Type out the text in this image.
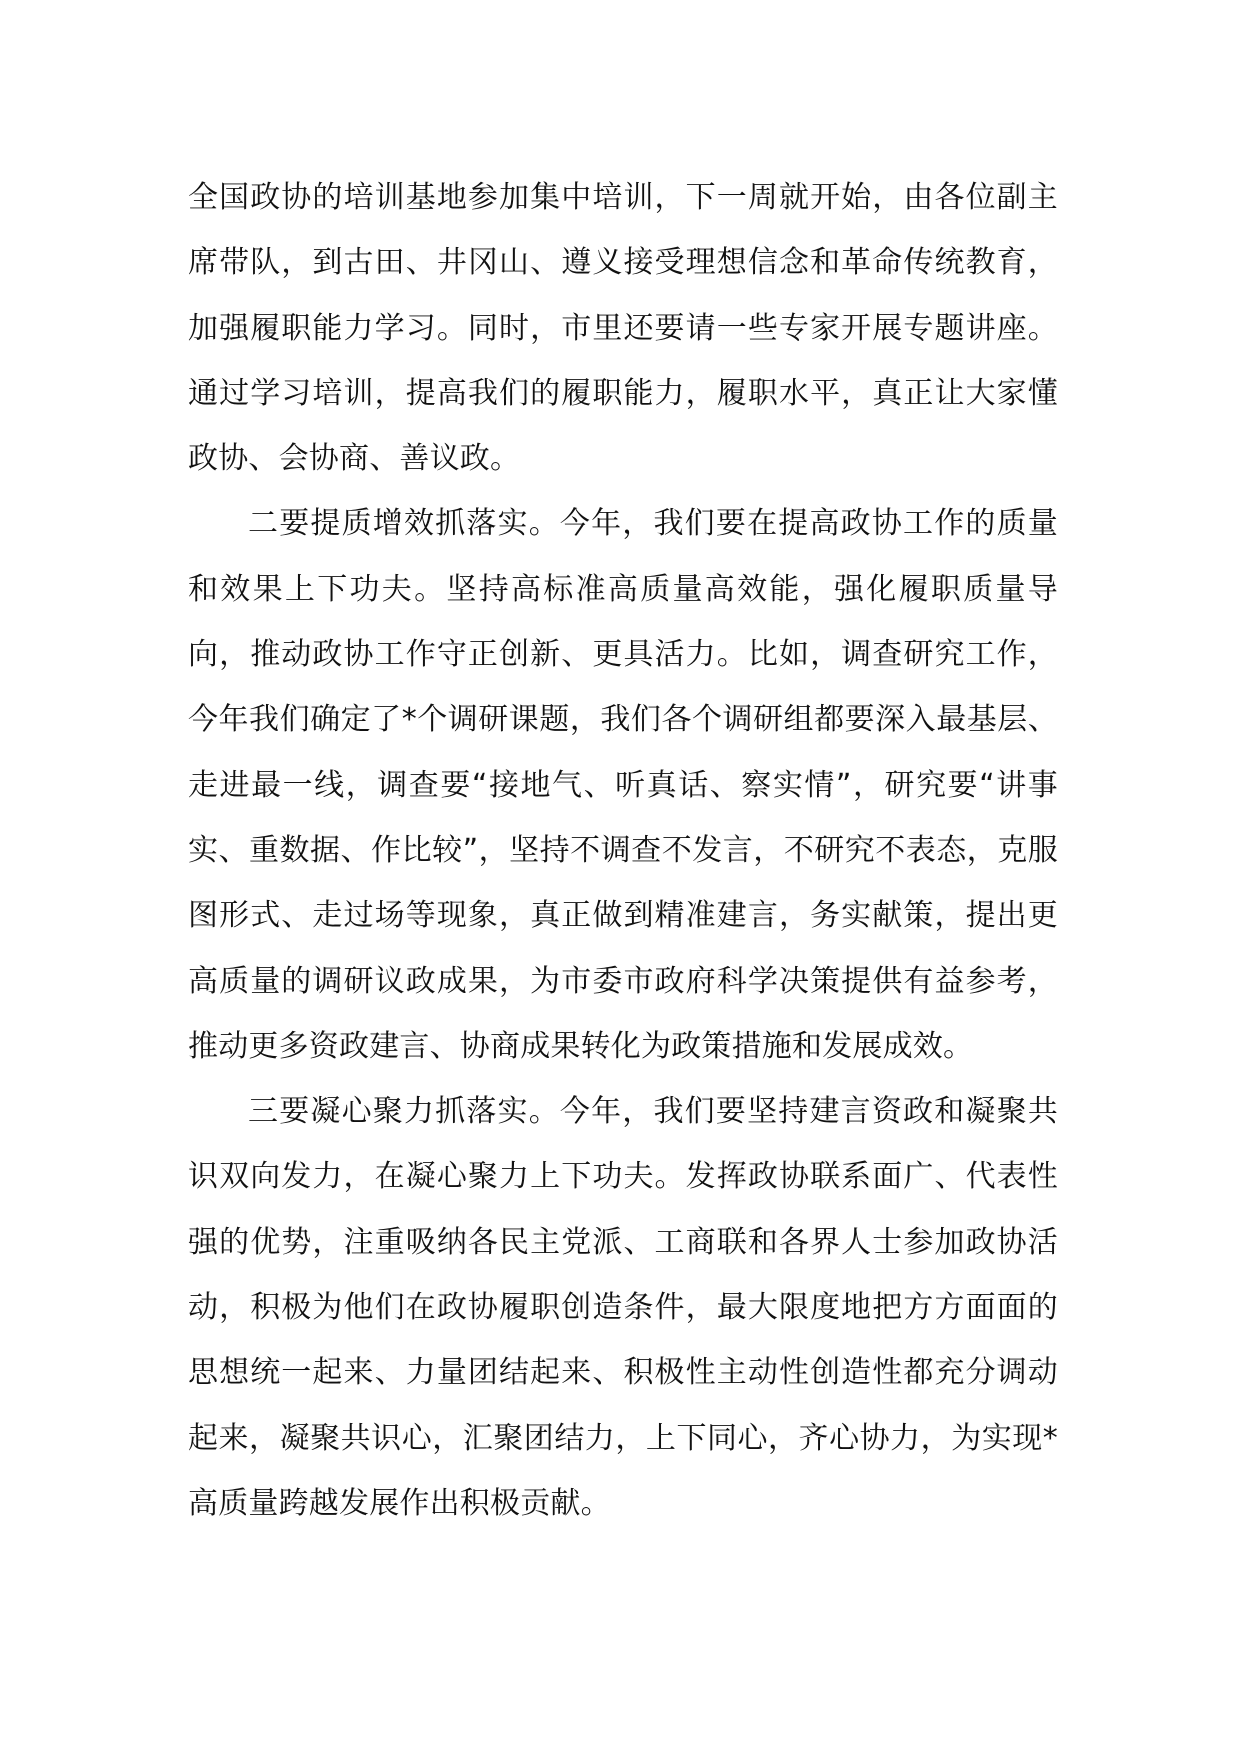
全国政协的培训基地参加集中培训，下一周就开始，由各位副主席带队，到古田、井冈山、遵义接受理想信念和革命传统教育，加强履职能力学习。同时，市里还要请一些专家开展专题讲座。通过学习培训，提高我们的履职能力，履职水平，真正让大家懂政协、会协商、善议政。

二要提质增效抓落实。今年，我们要在提高政协工作的质量和效果上下功夫。坚持高标准高质量高效能，强化履职质量导向，推动政协工作守正创新、更具活力。比如，调查研究工作，今年我们确定了*个调研课题，我们各个调研组都要深入最基层、走进最一线，调查要“接地气、听真话、察实情”，研究要“讲事实、重数据、作比较”，坚持不调查不发言，不研究不表态，克服图形式、走过场等现象，真正做到精准建言，务实献策，提出更高质量的调研议政成果，为市委市政府科学决策提供有益参考，推动更多资政建言、协商成果转化为政策措施和发展成效。

三要凝心聚力抓落实。今年，我们要坚持建言资政和凝聚共识双向发力，在凝心聚力上下功夫。发挥政协联系面广、代表性强的优势，注重吸纳各民主党派、工商联和各界人士参加政协活动，积极为他们在政协履职创造条件，最大限度地把方方面面的思想统一起来、力量团结起来、积极性主动性创造性都充分调动起来，凝聚共识心，汇聚团结力，上下同心，齐心协力，为实现*高质量跨越发展作出积极贡献。
